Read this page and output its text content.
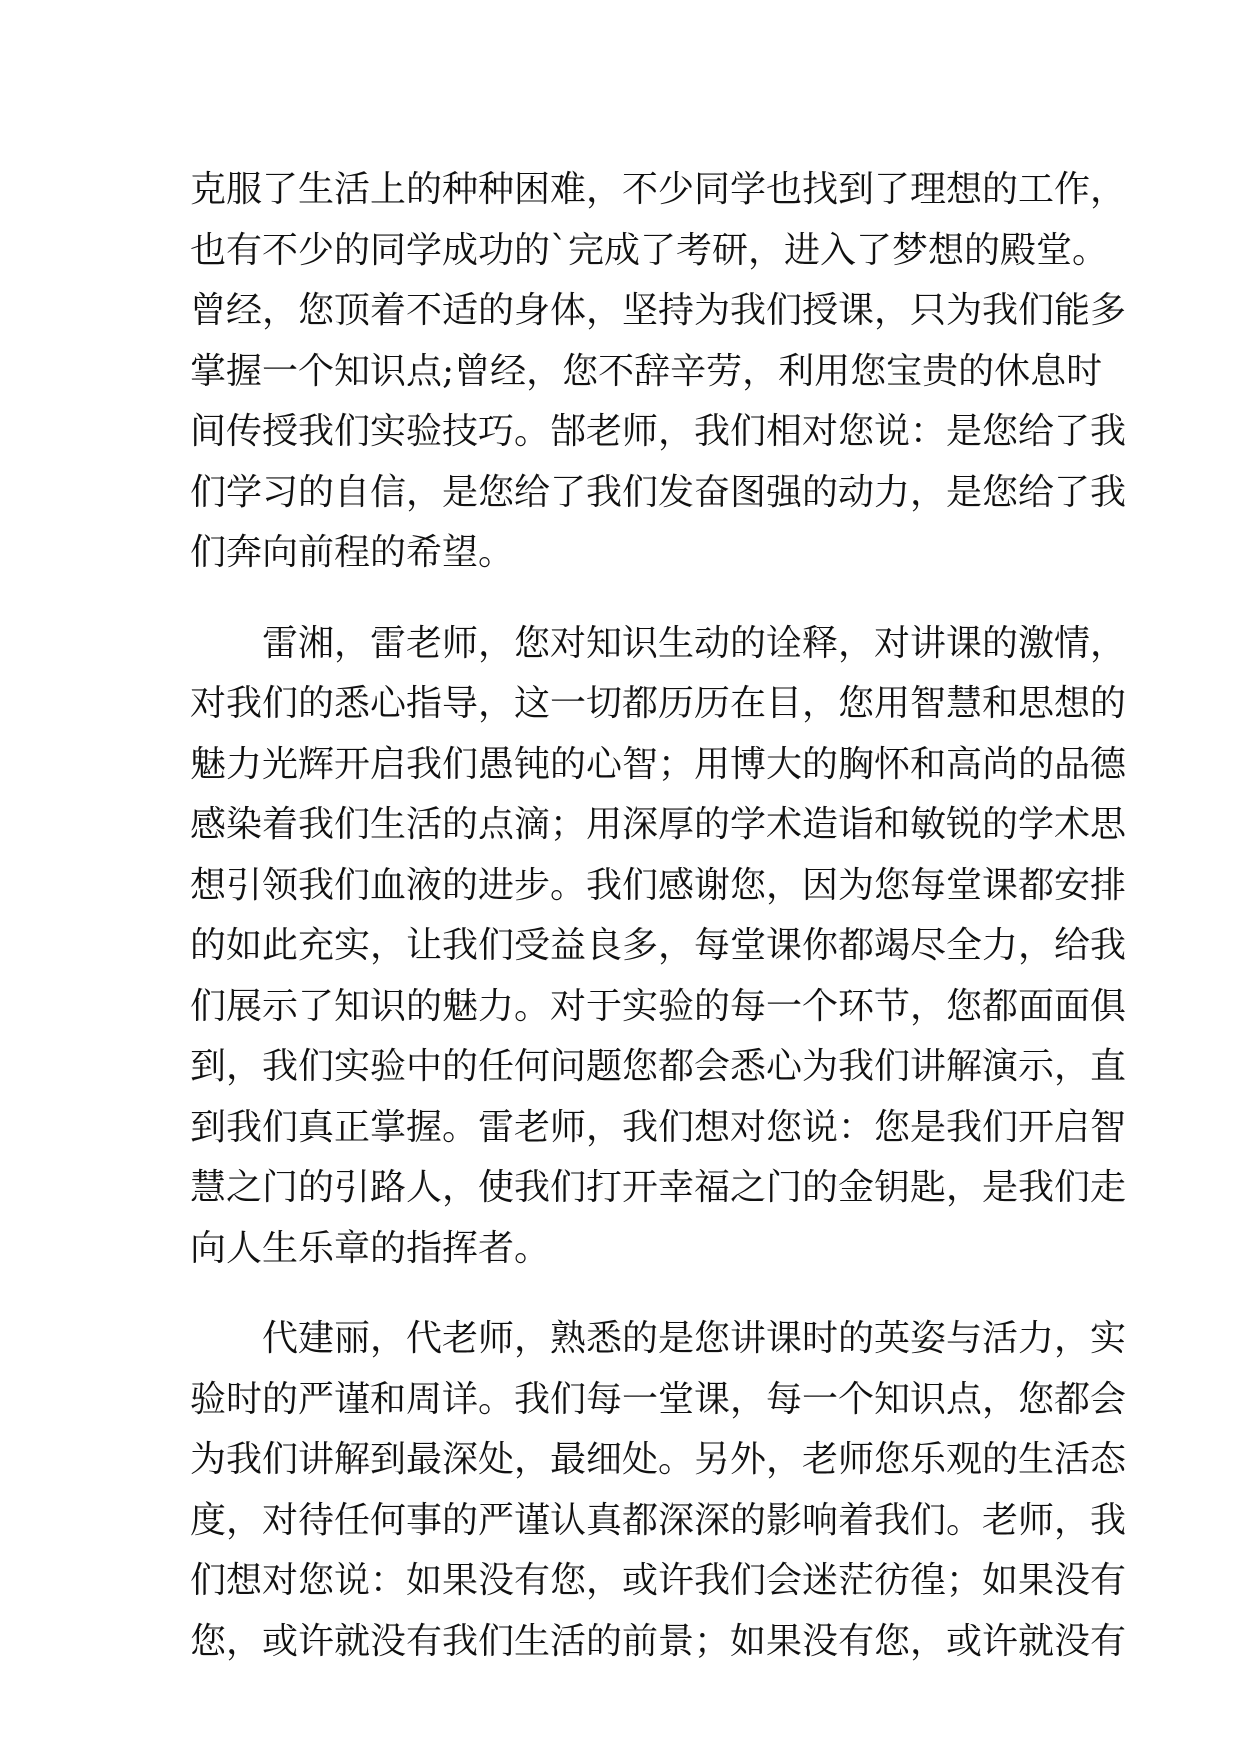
克服了生活上的种种困难，不少同学也找到了理想的工作，
也有不少的同学成功的`完成了考研，进入了梦想的殿堂。
曾经，您顶着不适的身体，坚持为我们授课，只为我们能多
掌握一个知识点;曾经，您不辞辛劳，利用您宝贵的休息时
间传授我们实验技巧。郜老师，我们相对您说：是您给了我
们学习的自信，是您给了我们发奋图强的动力，是您给了我
们奔向前程的希望。
雷湘，雷老师，您对知识生动的诠释，对讲课的激情，
对我们的悉心指导，这一切都历历在目，您用智慧和思想的
魅力光辉开启我们愚钝的心智；用博大的胸怀和高尚的品德
感染着我们生活的点滴；用深厚的学术造诣和敏锐的学术思
想引领我们血液的进步。我们感谢您，因为您每堂课都安排
的如此充实，让我们受益良多，每堂课你都竭尽全力，给我
们展示了知识的魅力。对于实验的每一个环节，您都面面俱
到，我们实验中的任何问题您都会悉心为我们讲解演示，直
到我们真正掌握。雷老师，我们想对您说：您是我们开启智
慧之门的引路人，使我们打开幸福之门的金钥匙，是我们走
向人生乐章的指挥者。
代建丽，代老师，熟悉的是您讲课时的英姿与活力，实
验时的严谨和周详。我们每一堂课，每一个知识点，您都会
为我们讲解到最深处，最细处。另外，老师您乐观的生活态
度，对待任何事的严谨认真都深深的影响着我们。老师，我
们想对您说：如果没有您，或许我们会迷茫彷徨；如果没有
您，或许就没有我们生活的前景；如果没有您，或许就没有
